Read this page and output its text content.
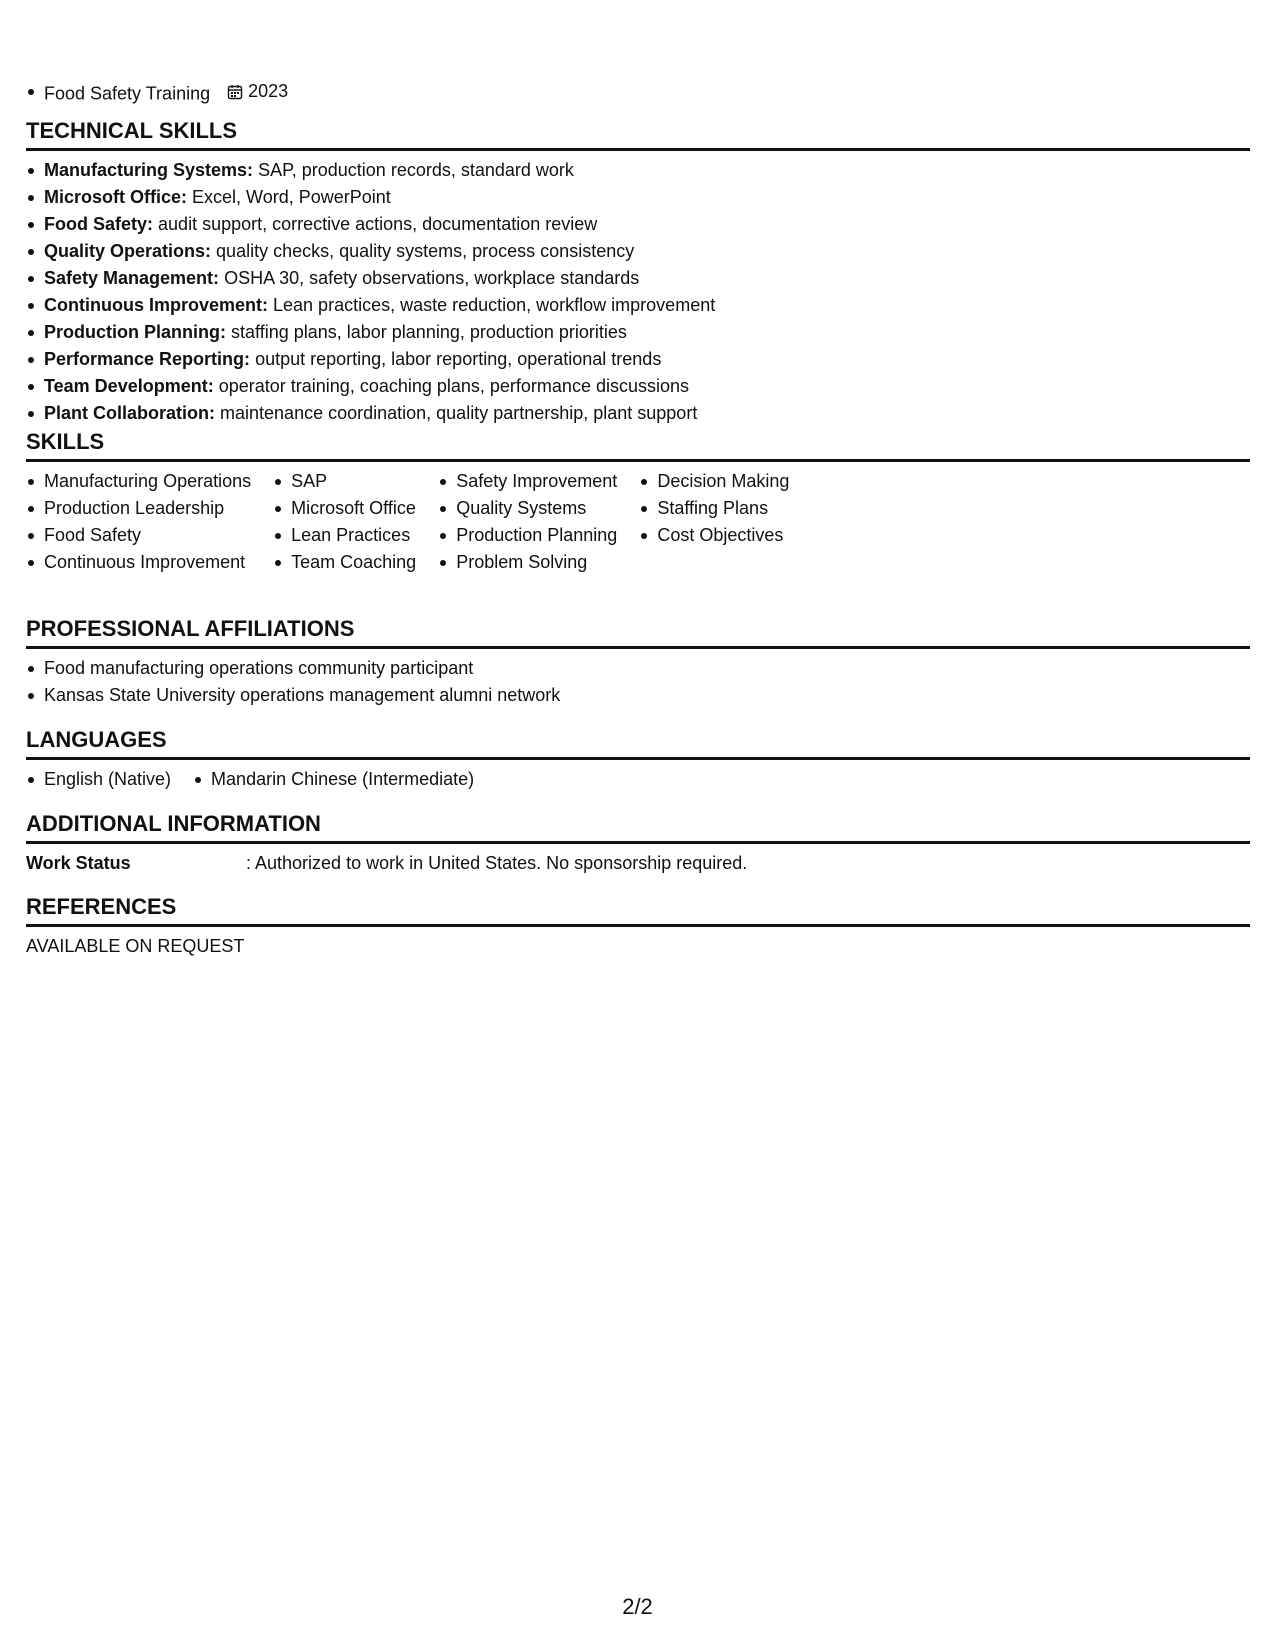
Food Safety Training 2023
TECHNICAL SKILLS
Manufacturing Systems: SAP, production records, standard work
Microsoft Office: Excel, Word, PowerPoint
Food Safety: audit support, corrective actions, documentation review
Quality Operations: quality checks, quality systems, process consistency
Safety Management: OSHA 30, safety observations, workplace standards
Continuous Improvement: Lean practices, waste reduction, workflow improvement
Production Planning: staffing plans, labor planning, production priorities
Performance Reporting: output reporting, labor reporting, operational trends
Team Development: operator training, coaching plans, performance discussions
Plant Collaboration: maintenance coordination, quality partnership, plant support
SKILLS
Manufacturing Operations
Production Leadership
Food Safety
Continuous Improvement
SAP
Microsoft Office
Lean Practices
Team Coaching
Safety Improvement
Quality Systems
Production Planning
Problem Solving
Decision Making
Staffing Plans
Cost Objectives
PROFESSIONAL AFFILIATIONS
Food manufacturing operations community participant
Kansas State University operations management alumni network
LANGUAGES
English (Native)	Mandarin Chinese (Intermediate)
ADDITIONAL INFORMATION
Work Status	: Authorized to work in United States. No sponsorship required.
REFERENCES
AVAILABLE ON REQUEST
2/2
